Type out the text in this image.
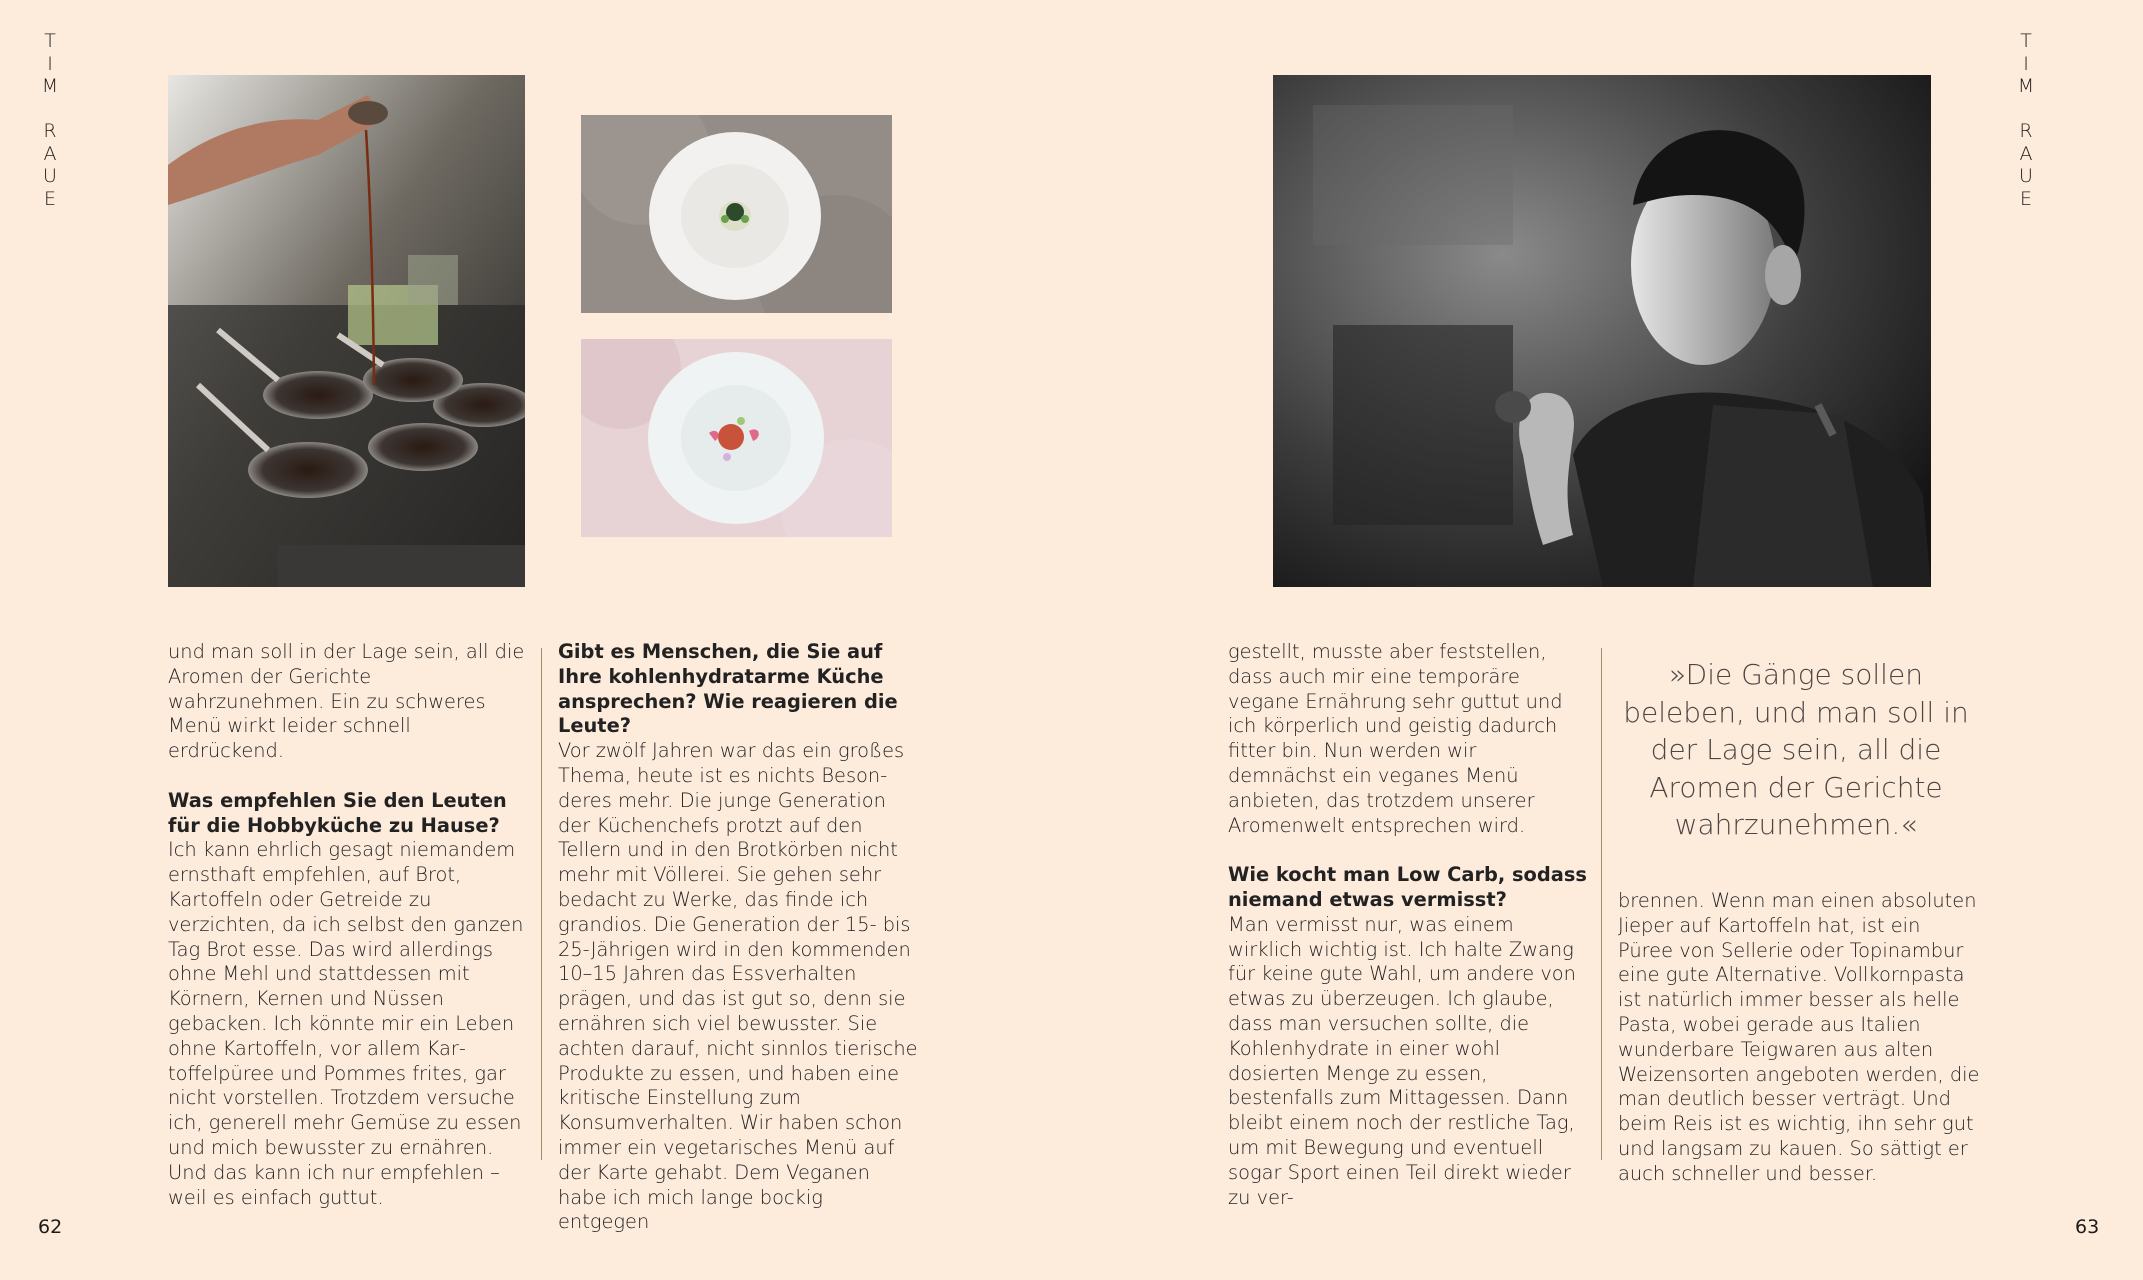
T
I
M

R
A
U
E

und man soll in der Lage sein, all die Aromen der Gerichte wahrzunehmen. Ein zu schweres Menü wirkt leider schnell erdrückend.

Was empfehlen Sie den Leuten für die Hobbyküche zu Hause?

Ich kann ehrlich gesagt niemandem ernsthaft empfehlen, auf Brot, Kartoffeln oder Getreide zu verzichten, da ich selbst den ganzen Tag Brot esse. Das wird allerdings ohne Mehl und stattdessen mit Körnern, Kernen und Nüssen gebacken. Ich könnte mir ein Leben ohne Kartoffeln, vor allem Kartoffelpüree und Pommes frites, gar nicht vorstellen. Trotzdem versuche ich, generell mehr Gemüse zu essen und mich bewusster zu ernähren. Und das kann ich nur empfehlen – weil es einfach guttut.

Gibt es Menschen, die Sie auf Ihre kohlenhydratarme Küche ansprechen? Wie reagieren die Leute?

Vor zwölf Jahren war das ein großes Thema, heute ist es nichts Besonderes mehr. Die junge Generation der Küchenchefs protzt auf den Tellern und in den Brotkörben nicht mehr mit Völlerei. Sie gehen sehr bedacht zu Werke, das finde ich grandios. Die Generation der 15- bis 25-Jährigen wird in den kommenden 10–15 Jahren das Essverhalten prägen, und das ist gut so, denn sie ernähren sich viel bewusster. Sie achten darauf, nicht sinnlos tierische Produkte zu essen, und haben eine kritische Einstellung zum Konsumverhalten. Wir haben schon immer ein vegetarisches Menü auf der Karte gehabt. Dem Veganen habe ich mich lange bockig entgegen

62
T
I
M

R
A
U
E
63

gestellt, musste aber feststellen, dass auch mir eine temporäre vegane Ernährung sehr guttut und ich körperlich und geistig dadurch fitter bin. Nun werden wir demnächst ein veganes Menü anbieten, das trotzdem unserer Aromenwelt entsprechen wird.

Wie kocht man Low Carb, sodass niemand etwas vermisst?

Man vermisst nur, was einem wirklich wichtig ist. Ich halte Zwang für keine gute Wahl, um andere von etwas zu überzeugen. Ich glaube, dass man versuchen sollte, die Kohlenhydrate in einer wohl dosierten Menge zu essen, bestenfalls zum Mittagessen. Dann bleibt einem noch der restliche Tag, um mit Bewegung und eventuell sogar Sport einen Teil direkt wieder zu ver-

»Die Gänge sollen beleben, und man soll in der Lage sein, all die Aromen der Gerichte wahrzunehmen.«

brennen. Wenn man einen absoluten Jieper auf Kartoffeln hat, ist ein Püree von Sellerie oder Topinambur eine gute Alternative. Vollkornpasta ist natürlich immer besser als helle Pasta, wobei gerade aus Italien wunderbare Teigwaren aus alten Weizensorten angeboten werden, die man deutlich besser verträgt. Und beim Reis ist es wichtig, ihn sehr gut und langsam zu kauen. So sättigt er auch schneller und besser.
